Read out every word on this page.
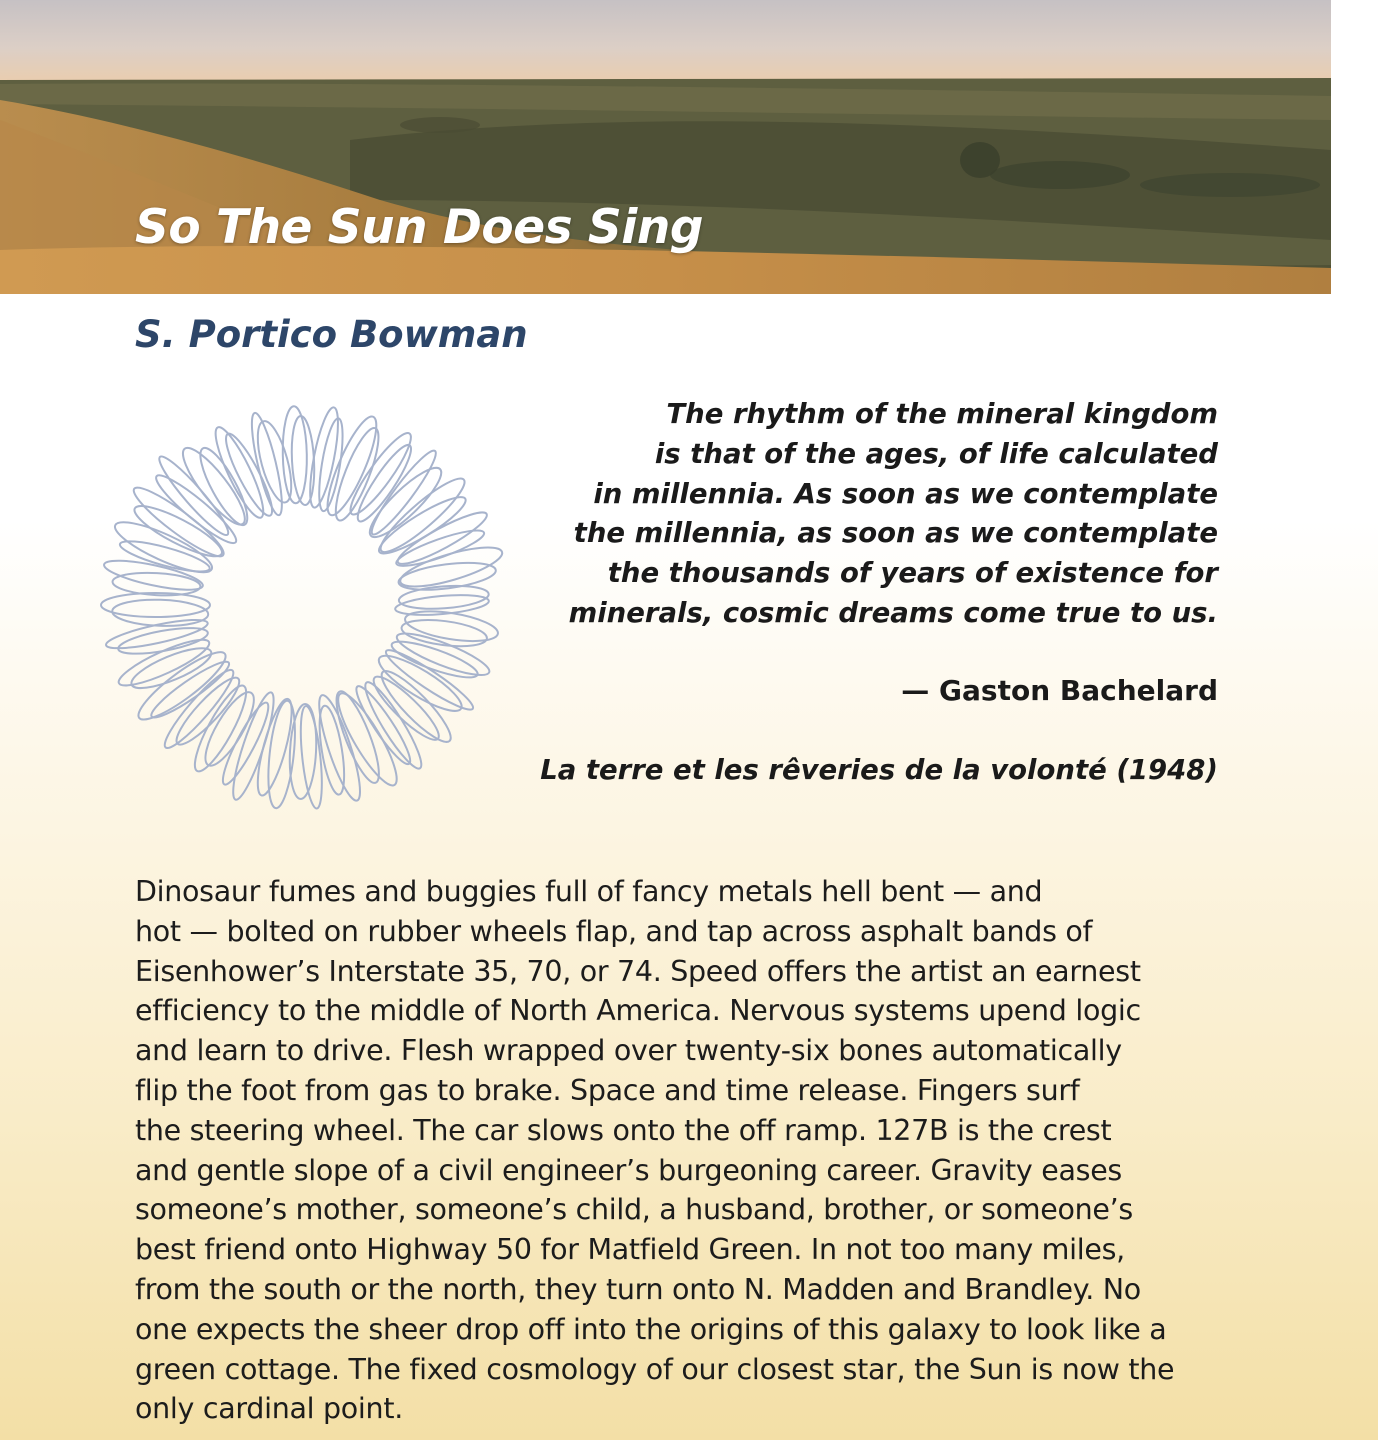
So The Sun Does Sing
S. Portico Bowman
The rhythm of the mineral kingdom
is that of the ages, of life calculated
in millennia. As soon as we contemplate
the millennia, as soon as we contemplate
the thousands of years of existence for
minerals, cosmic dreams come true to us.
— Gaston Bachelard
La terre et les rêveries de la volonté (1948)
Dinosaur fumes and buggies full of fancy metals hell bent — and
hot — bolted on rubber wheels flap, and tap across asphalt bands of
Eisenhower’s Interstate 35, 70, or 74. Speed offers the artist an earnest
efficiency to the middle of North America. Nervous systems upend logic
and learn to drive. Flesh wrapped over twenty-six bones automatically
flip the foot from gas to brake. Space and time release. Fingers surf
the steering wheel. The car slows onto the off ramp. 127B is the crest
and gentle slope of a civil engineer’s burgeoning career. Gravity eases
someone’s mother, someone’s child, a husband, brother, or someone’s
best friend onto Highway 50 for Matfield Green. In not too many miles,
from the south or the north, they turn onto N. Madden and Brandley. No
one expects the sheer drop off into the origins of this galaxy to look like a
green cottage. The fixed cosmology of our closest star, the Sun is now the
only cardinal point.
